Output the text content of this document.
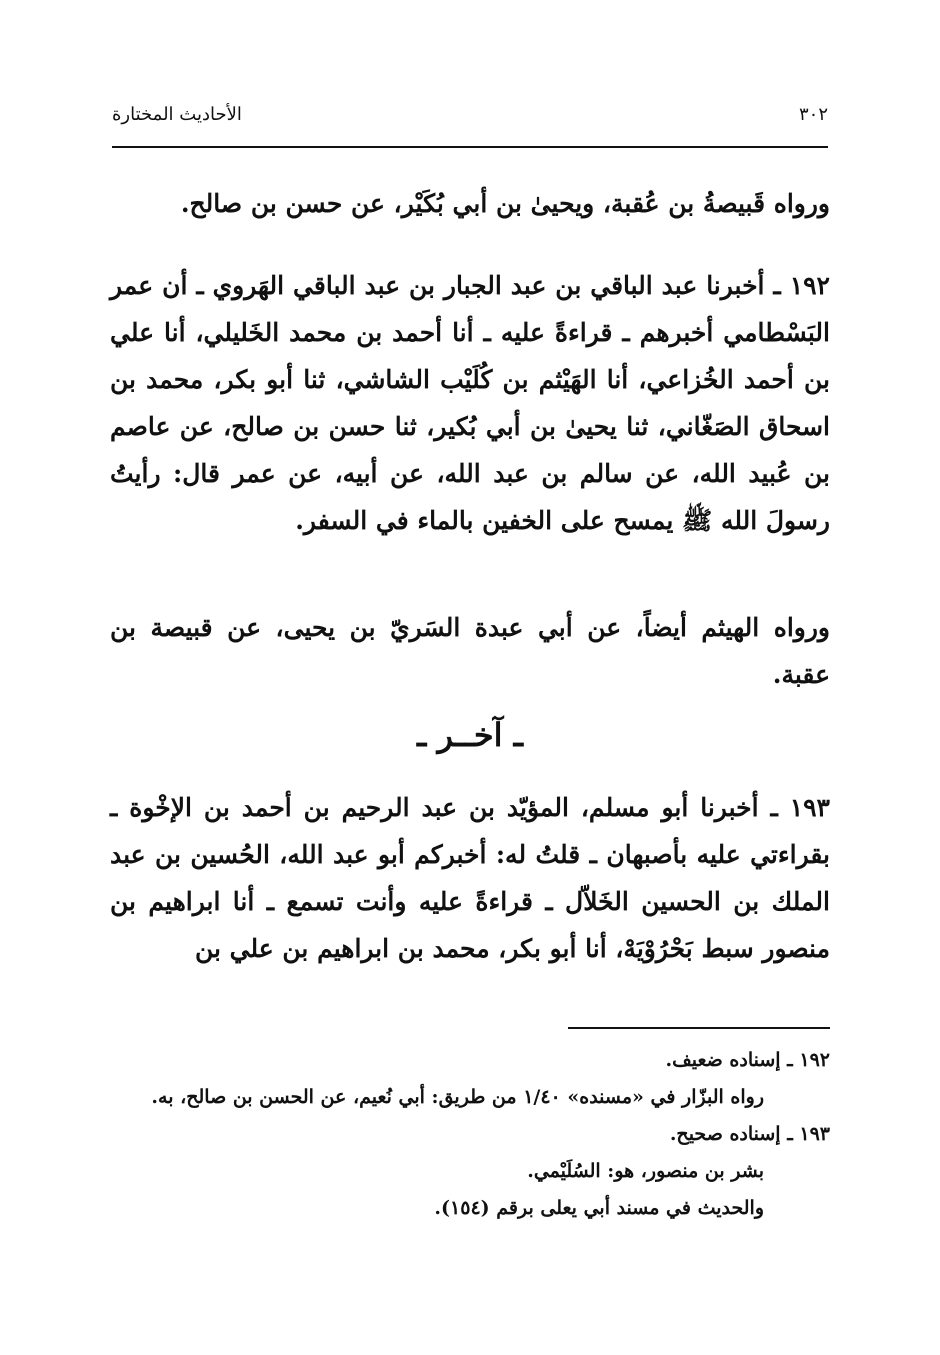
٣٠٢
الأحاديث المختارة
ورواه قَبيصةُ بن عُقبة، ويحيىٰ بن أبي بُكَيْر، عن حسن بن صالح.
١٩٢ ـ أخبرنا عبد الباقي بن عبد الجبار بن عبد الباقي الهَروي ـ أن عمر البَسْطامي أخبرهم ـ قراءةً عليه ـ أنا أحمد بن محمد الخَليلي، أنا علي بن أحمد الخُزاعي، أنا الهَيْثم بن كُلَيْب الشاشي، ثنا أبو بكر، محمد بن اسحاق الصَغّاني، ثنا يحيىٰ بن أبي بُكير، ثنا حسن بن صالح، عن عاصم بن عُبيد الله، عن سالم بن عبد الله، عن أبيه، عن عمر قال: رأيتُ رسولَ الله ﷺ يمسح على الخفين بالماء في السفر.
ورواه الهيثم أيضاً، عن أبي عبدة السَريّ بن يحيى، عن قبيصة بن عقبة.
ـ آخــر ـ
١٩٣ ـ أخبرنا أبو مسلم، المؤيّد بن عبد الرحيم بن أحمد بن الإخْوة ـ بقراءتي عليه بأصبهان ـ قلتُ له: أخبركم أبو عبد الله، الحُسين بن عبد الملك بن الحسين الخَلاّل ـ قراءةً عليه وأنت تسمع ـ أنا ابراهيم بن منصور سبط بَحْرُوْيَهْ، أنا أبو بكر، محمد بن ابراهيم بن علي بن
١٩٢ ـ إسناده ضعيف.
رواه البزّار في «مسنده» ١/٤٠ من طريق: أبي نُعيم، عن الحسن بن صالح، به.
١٩٣ ـ إسناده صحيح.
بشر بن منصور، هو: السُلَيْمي.
والحديث في مسند أبي يعلى برقم (١٥٤).
